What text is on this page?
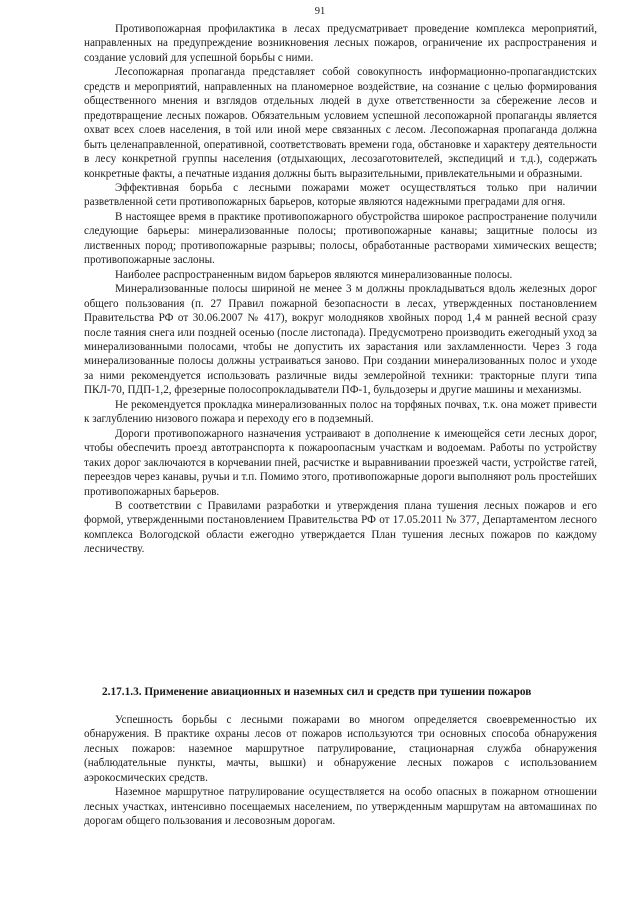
91

Противопожарная профилактика в лесах предусматривает проведение комплекса мероприятий, направленных на предупреждение возникновения лесных пожаров, ограничение их распространения и создание условий для успешной борьбы с ними.

Лесопожарная пропаганда представляет собой совокупность информационно-пропагандистских средств и мероприятий, направленных на планомерное воздействие, на сознание с целью формирования общественного мнения и взглядов отдельных людей в духе ответственности за сбережение лесов и предотвращение лесных пожаров. Обязательным условием успешной лесопожарной пропаганды является охват всех слоев населения, в той или иной мере связанных с лесом. Лесопожарная пропаганда должна быть целенаправленной, оперативной, соответствовать времени года, обстановке и характеру деятельности в лесу конкретной группы населения (отдыхающих, лесозаготовителей, экспедиций и т.д.), содержать конкретные факты, а печатные издания должны быть выразительными, привлекательными и образными.

Эффективная борьба с лесными пожарами может осуществляться только при наличии разветвленной сети противопожарных барьеров, которые являются надежными преградами для огня.

В настоящее время в практике противопожарного обустройства широкое распространение получили следующие барьеры: минерализованные полосы; противопожарные канавы; защитные полосы из лиственных пород; противопожарные разрывы; полосы, обработанные растворами химических веществ; противопожарные заслоны.

Наиболее распространенным видом барьеров являются минерализованные полосы.

Минерализованные полосы шириной не менее 3 м должны прокладываться вдоль железных дорог общего пользования (п. 27 Правил пожарной безопасности в лесах, утвержденных постановлением Правительства РФ от 30.06.2007 № 417), вокруг молодняков хвойных пород 1,4 м ранней весной сразу после таяния снега или поздней осенью (после листопада). Предусмотрено производить ежегодный уход за минерализованными полосами, чтобы не допустить их зарастания или захламленности. Через 3 года минерализованные полосы должны устраиваться заново. При создании минерализованных полос и уходе за ними рекомендуется использовать различные виды землеройной техники: тракторные плуги типа ПКЛ-70, ПДП-1,2, фрезерные полосопрокладыватели ПФ-1, бульдозеры и другие машины и механизмы.

Не рекомендуется прокладка минерализованных полос на торфяных почвах, т.к. она может привести к заглублению низового пожара и переходу его в подземный.

Дороги противопожарного назначения устраивают в дополнение к имеющейся сети лесных дорог, чтобы обеспечить проезд автотранспорта к пожароопасным участкам и водоемам. Работы по устройству таких дорог заключаются в корчевании пней, расчистке и выравнивании проезжей части, устройстве гатей, переездов через канавы, ручьи и т.п. Помимо этого, противопожарные дороги выполняют роль простейших противопожарных барьеров.

В соответствии с Правилами разработки и утверждения плана тушения лесных пожаров и его формой, утвержденными постановлением Правительства РФ от 17.05.2011 № 377, Департаментом лесного комплекса Вологодской области ежегодно утверждается План тушения лесных пожаров по каждому лесничеству.

2.17.1.3. Применение авиационных и наземных сил и средств при тушении пожаров

Успешность борьбы с лесными пожарами во многом определяется своевременностью их обнаружения. В практике охраны лесов от пожаров используются три основных способа обнаружения лесных пожаров: наземное маршрутное патрулирование, стационарная служба обнаружения (наблюдательные пункты, мачты, вышки) и обнаружение лесных пожаров с использованием аэрокосмических средств.

Наземное маршрутное патрулирование осуществляется на особо опасных в пожарном отношении лесных участках, интенсивно посещаемых населением, по утвержденным маршрутам на автомашинах по дорогам общего пользования и лесовозным дорогам.
